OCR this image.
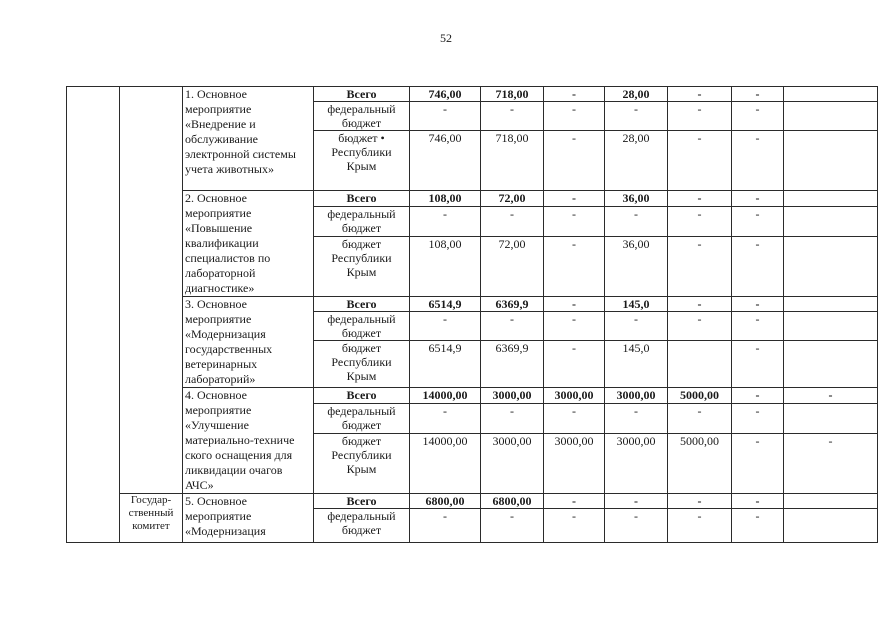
52
		1. Основное мероприятие «Внедрение и обслуживание электронной системы учета животных»	Всего	746,00	718,00	-	28,00	-	-	
			федеральный бюджет	-	-	-	-	-	-	
			бюджет • Республики Крым	746,00	718,00	-	28,00	-	-	
		2. Основное мероприятие «Повышение квалификации специалистов по лабораторной диагностике»	Всего	108,00	72,00	-	36,00	-	-	
			федеральный бюджет	-	-	-	-	-	-	
			бюджет Республики Крым	108,00	72,00	-	36,00	-	-	
		3. Основное мероприятие «Модернизация государственных ветеринарных лабораторий»	Всего	6514,9	6369,9	-	145,0	-	-	
			федеральный бюджет	-	-	-	-	-	-	
			бюджет Республики Крым	6514,9	6369,9	-	145,0		-	
		4. Основное мероприятие «Улучшение материально-техниче ского оснащения для ликвидации очагов АЧС»	Всего	14000,00	3000,00	3000,00	3000,00	5000,00	-	-
			федеральный бюджет	-	-	-	-	-	-	
			бюджет Республики Крым	14000,00	3000,00	3000,00	3000,00	5000,00	-	-
	Государ-ственный комитет	5. Основное мероприятие «Модернизация	Всего	6800,00	6800,00	-	-	-	-	
			федеральный бюджет	-	-	-	-	-	-	
